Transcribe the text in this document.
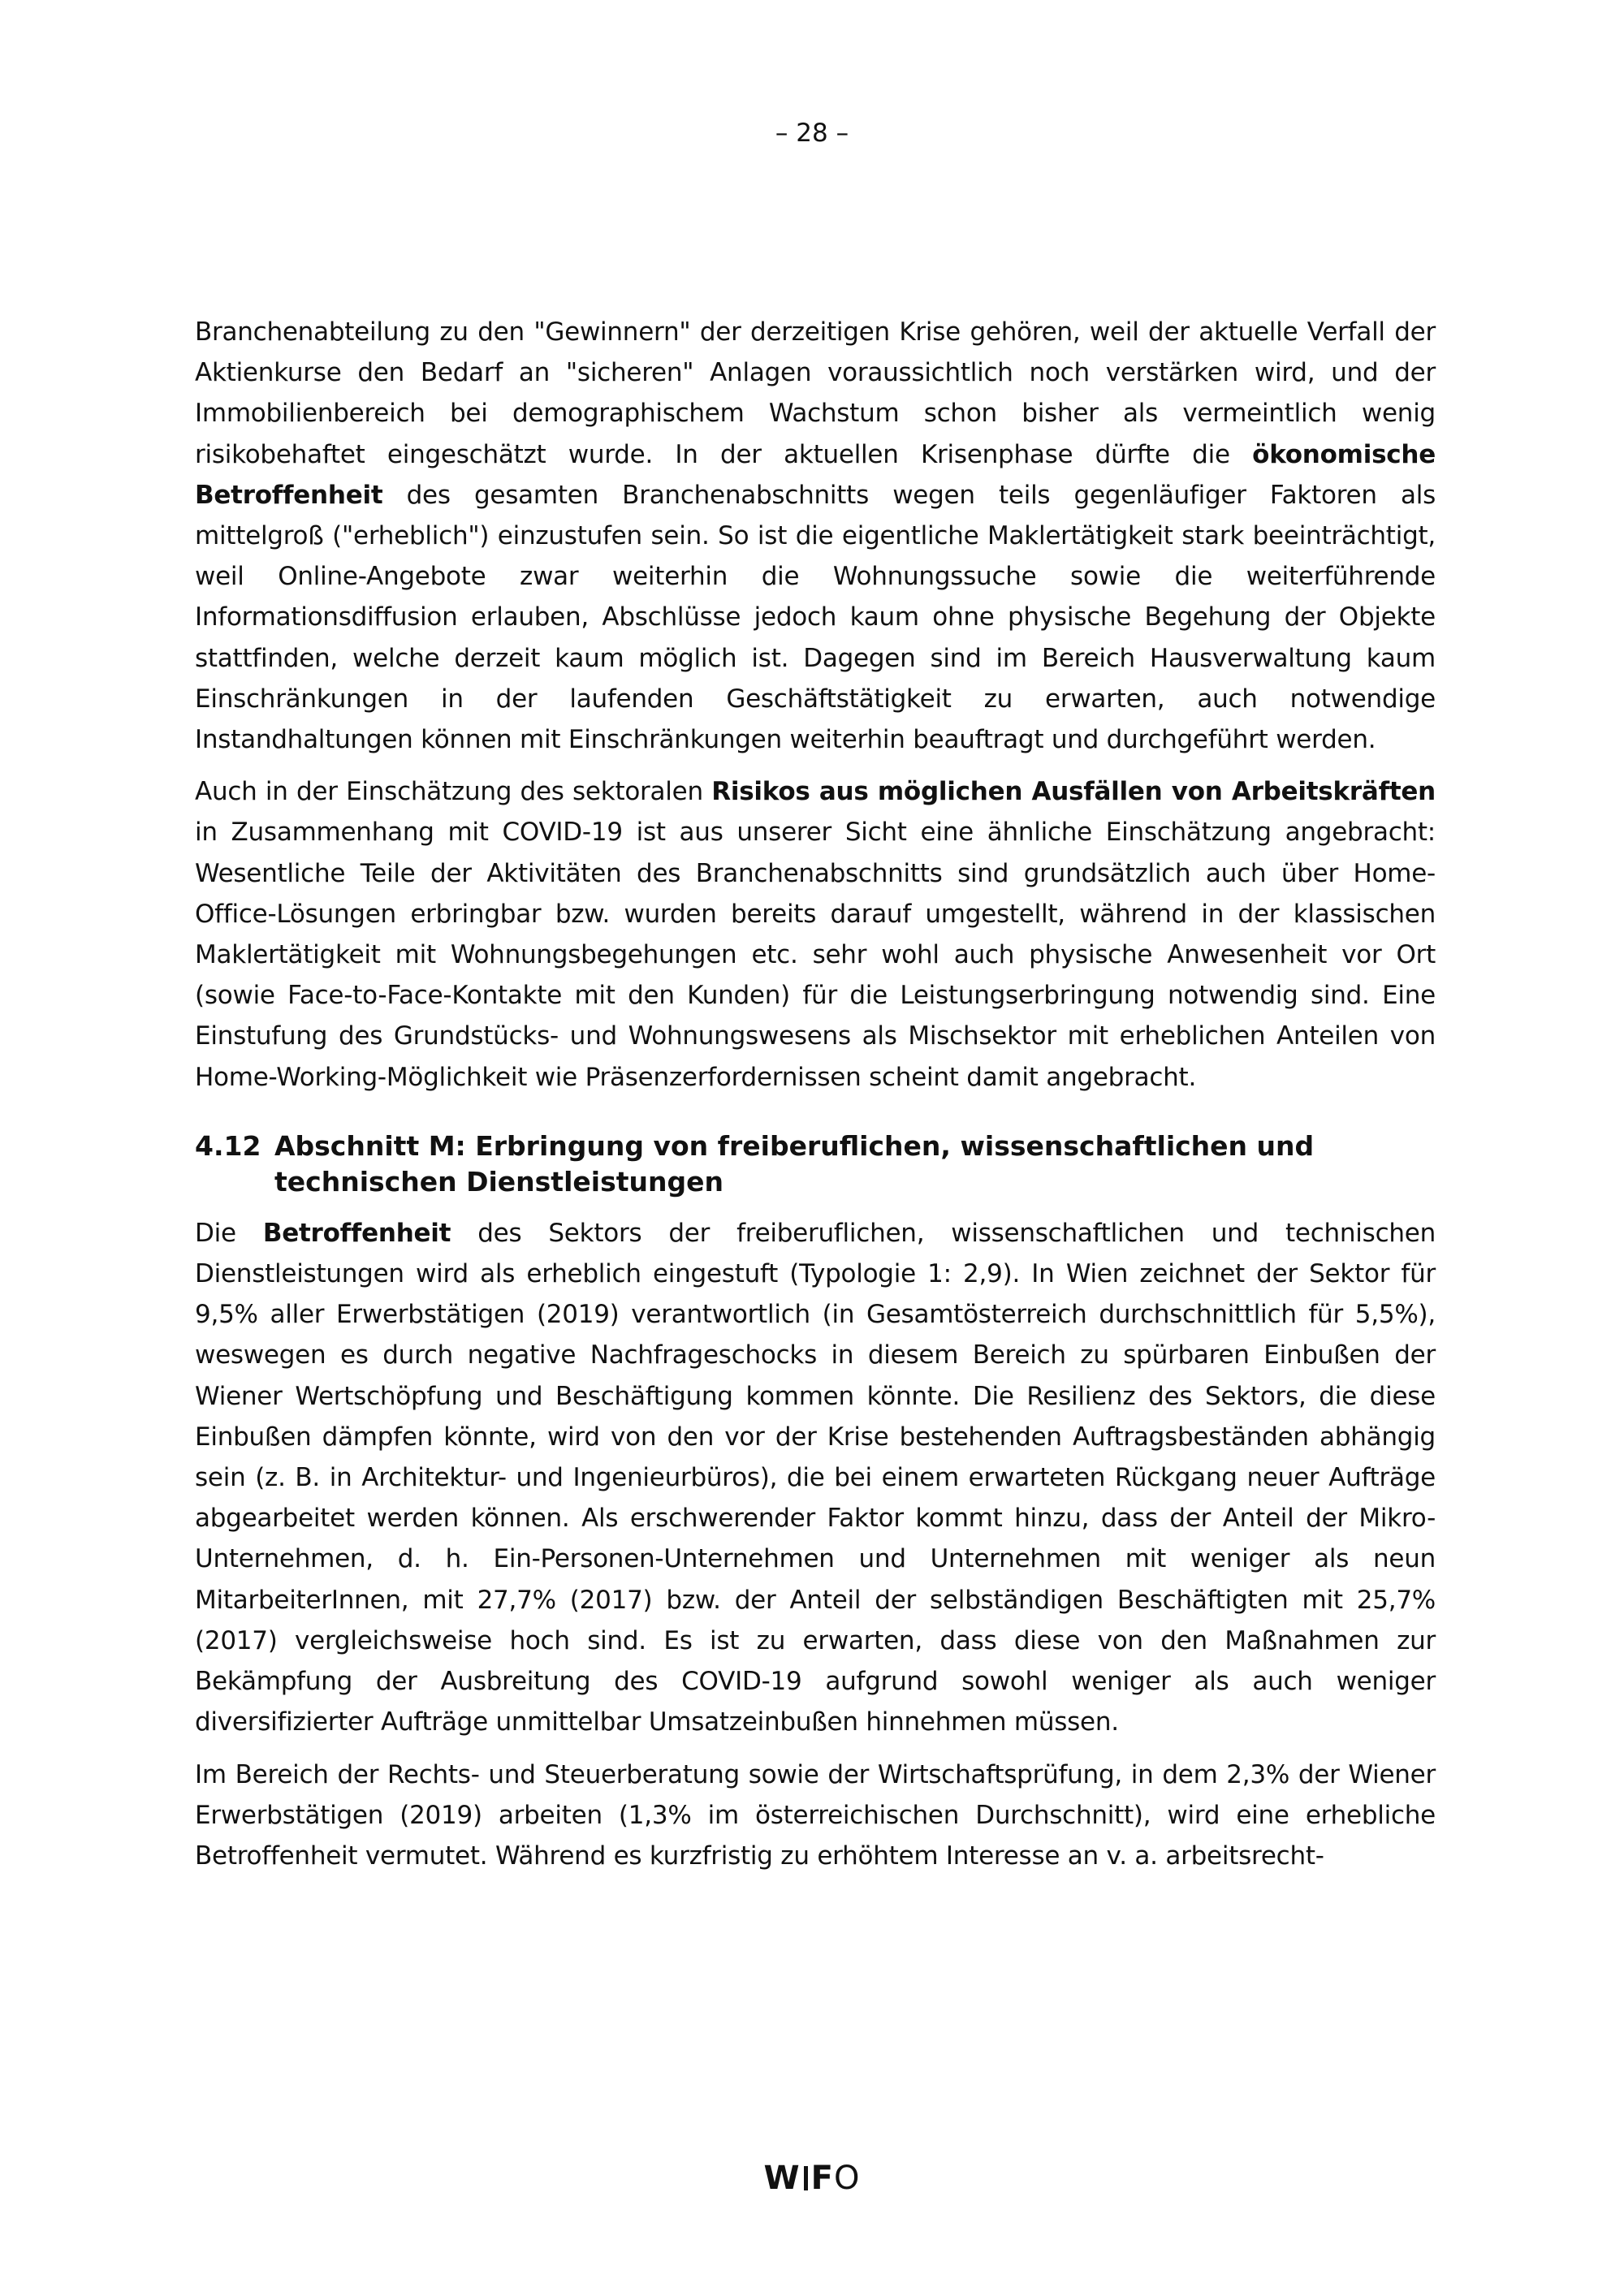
– 28 –

Branchenabteilung zu den "Gewinnern" der derzeitigen Krise gehören, weil der aktuelle Verfall der Aktienkurse den Bedarf an "sicheren" Anlagen voraussichtlich noch verstärken wird, und der Immobilienbereich bei demographischem Wachstum schon bisher als vermeintlich wenig risikobehaftet eingeschätzt wurde. In der aktuellen Krisenphase dürfte die ökonomische Betroffenheit des gesamten Branchenabschnitts wegen teils gegenläufiger Faktoren als mittelgroß ("erheblich") einzustufen sein. So ist die eigentliche Maklertätigkeit stark beeinträchtigt, weil Online-Angebote zwar weiterhin die Wohnungssuche sowie die weiterführende Informationsdiffusion erlauben, Abschlüsse jedoch kaum ohne physische Begehung der Objekte stattfinden, welche derzeit kaum möglich ist. Dagegen sind im Bereich Hausverwaltung kaum Einschränkungen in der laufenden Geschäftstätigkeit zu erwarten, auch notwendige Instandhaltungen können mit Einschränkungen weiterhin beauftragt und durchgeführt werden.

Auch in der Einschätzung des sektoralen Risikos aus möglichen Ausfällen von Arbeitskräften in Zusammenhang mit COVID-19 ist aus unserer Sicht eine ähnliche Einschätzung angebracht: Wesentliche Teile der Aktivitäten des Branchenabschnitts sind grundsätzlich auch über Home-Office-Lösungen erbringbar bzw. wurden bereits darauf umgestellt, während in der klassischen Maklertätigkeit mit Wohnungsbegehungen etc. sehr wohl auch physische Anwesenheit vor Ort (sowie Face-to-Face-Kontakte mit den Kunden) für die Leistungserbringung notwendig sind. Eine Einstufung des Grundstücks- und Wohnungswesens als Mischsektor mit erheblichen Anteilen von Home-Working-Möglichkeit wie Präsenzerfordernissen scheint damit angebracht.

4.12 Abschnitt M: Erbringung von freiberuflichen, wissenschaftlichen und
technischen Dienstleistungen

Die Betroffenheit des Sektors der freiberuflichen, wissenschaftlichen und technischen Dienstleistungen wird als erheblich eingestuft (Typologie 1: 2,9). In Wien zeichnet der Sektor für 9,5% aller Erwerbstätigen (2019) verantwortlich (in Gesamtösterreich durchschnittlich für 5,5%), weswegen es durch negative Nachfrageschocks in diesem Bereich zu spürbaren Einbußen der Wiener Wertschöpfung und Beschäftigung kommen könnte. Die Resilienz des Sektors, die diese Einbußen dämpfen könnte, wird von den vor der Krise bestehenden Auftragsbeständen abhängig sein (z. B. in Architektur- und Ingenieurbüros), die bei einem erwarteten Rückgang neuer Aufträge abgearbeitet werden können. Als erschwerender Faktor kommt hinzu, dass der Anteil der Mikro-Unternehmen, d. h. Ein-Personen-Unternehmen und Unternehmen mit weniger als neun MitarbeiterInnen, mit 27,7% (2017) bzw. der Anteil der selbständigen Beschäftigten mit 25,7% (2017) vergleichsweise hoch sind. Es ist zu erwarten, dass diese von den Maßnahmen zur Bekämpfung der Ausbreitung des COVID-19 aufgrund sowohl weniger als auch weniger diversifizierter Aufträge unmittelbar Umsatzeinbußen hinnehmen müssen.

Im Bereich der Rechts- und Steuerberatung sowie der Wirtschaftsprüfung, in dem 2,3% der Wiener Erwerbstätigen (2019) arbeiten (1,3% im österreichischen Durchschnitt), wird eine erhebliche Betroffenheit vermutet. Während es kurzfristig zu erhöhtem Interesse an v. a. arbeitsrecht-

W FO
